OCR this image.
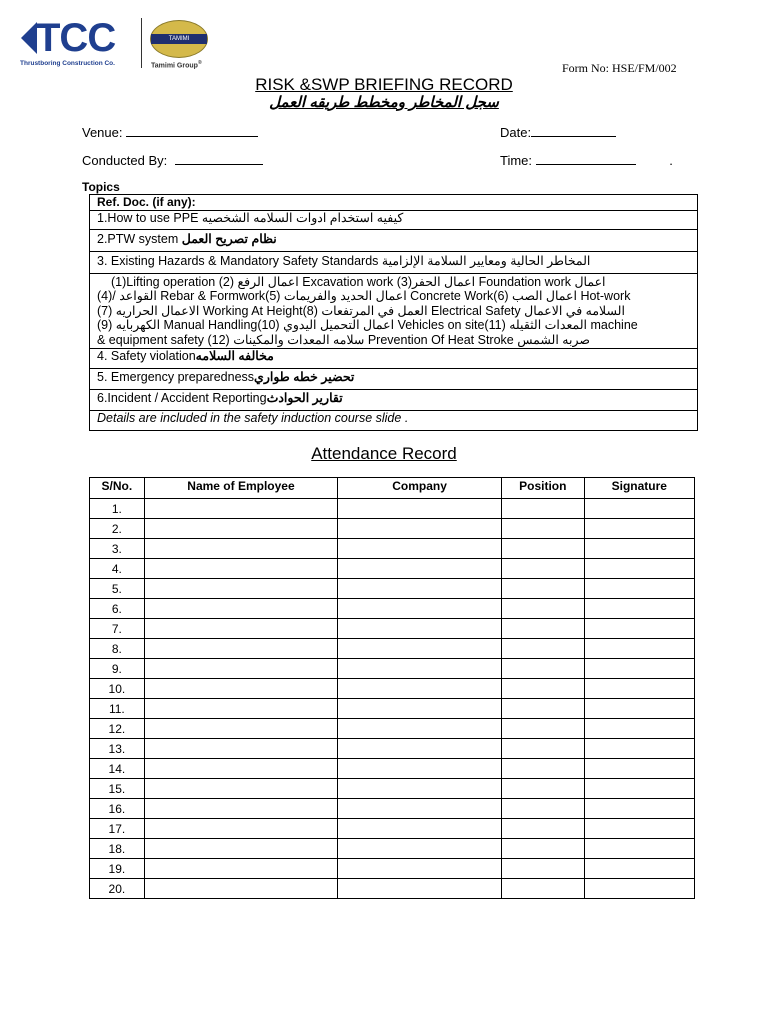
TCC
Thrustboring Construction Co.
TAMIMI
Tamimi Group®	Form No: HSE/FM/002
RISK &SWP BRIEFING RECORD
سجل المخاطر ومخطط طريقه العمل
Venue:	Date:
Conducted By:	Time:	.
Topics
Ref. Doc. (if any):
1.How to use PPE كيفيه استخدام ادوات السلامه الشخصيه
2.PTW system نظام تصريح العمل
3. Existing Hazards & Mandatory Safety Standards المخاطر الحالية ومعايير السلامة الإلزامية

(1)Lifting operation (2) اعمال الرفع Excavation work (3)اعمال الحفر Foundation work اعمال
(4)/ القواعد Rebar & Formwork(5) اعمال الحديد والفريمات Concrete Work(6) اعمال الصب Hot-work
(7) الاعمال الحراريه Working At Height(8) العمل في المرتفعات Electrical Safety السلامه في الاعمال
(9) الكهربايه Manual Handling(10) اعمال التحميل اليدوي Vehicles on site(11) المعدات الثقيله machine
& equipment safety (12) سلامه المعدات والمكينات Prevention Of Heat Stroke صربه الشمس

4. Safety violationمخالفه السلامه
5. Emergency preparednessتحضير خطه طواري
6.Incident / Accident Reportingتقارير الحوادث
Details are included in the safety induction course slide .
Attendance Record
S/No.	Name of Employee	Company	Position	Signature
1.				
2.				
3.				
4.				
5.				
6.				
7.				
8.				
9.				
10.				
11.				
12.				
13.				
14.				
15.				
16.				
17.				
18.				
19.				
20.				
